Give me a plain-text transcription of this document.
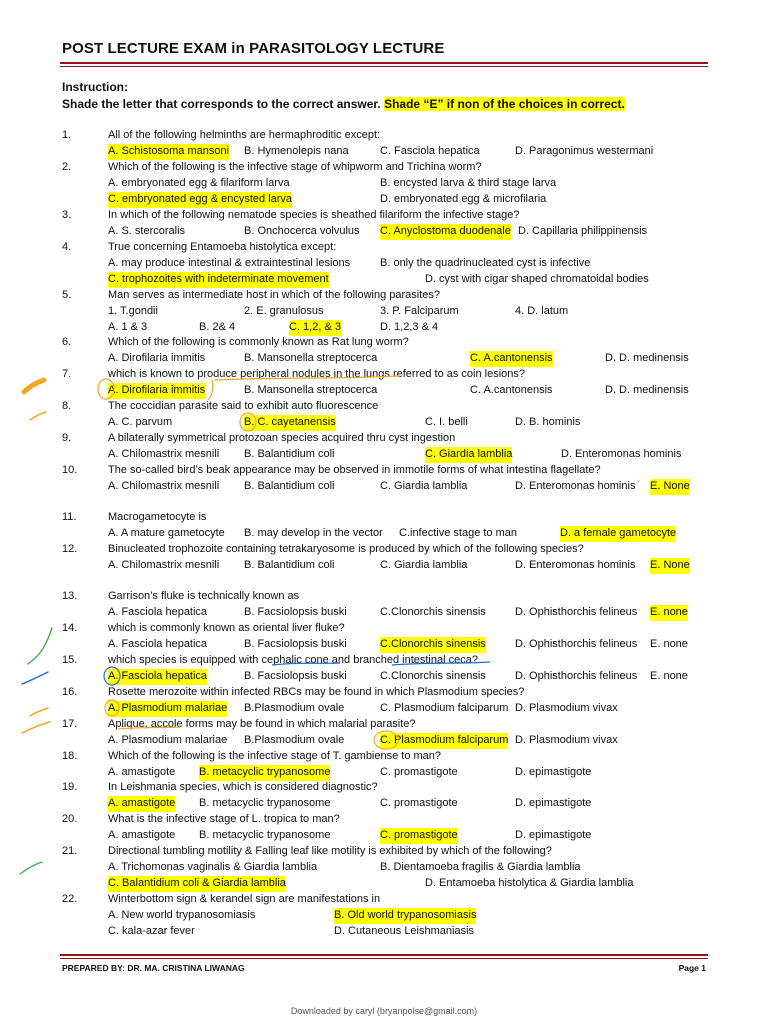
POST LECTURE EXAM in PARASITOLOGY LECTURE
Instruction:
Shade the letter that corresponds to the correct answer. Shade “E” if non of the choices in correct.
1.	All of the following helminths are hermaphroditic except:
A. Schistosoma mansoni B. Hymenolepis nana	C. Fasciola hepatica	D. Paragonimus westermani
2.	Which of the following is the infective stage of whipworm and Trichina worm?
A. embryonated egg & filariform larva	B. encysted larva & third stage larva
C. embryonated egg & encysted larva	D. embryonated egg & microfilaria
3.	In which of the following nematode species is sheathed filariform the infective stage?
A. S. stercoralis	B. Onchocerca volvulus C. Anyclostoma duodenale D. Capillaria philippinensis
4.	True concerning Entamoeba histolytica except:
A. may produce intestinal & extraintestinal lesions	B. only the quadrinucleated cyst is infective
C. trophozoites with indeterminate movement	D. cyst with cigar shaped chromatoidal bodies
5.	Man serves as intermediate host in which of the following parasites?
1. T.gondii	2. E. granulosus	3. P. Falciparum	4. D. latum
A. 1 & 3	B. 2& 4	C. 1,2, & 3	D. 1,2,3 & 4
6.	Which of the following is commonly known as Rat lung worm?
A. Dirofilaria immitis	B. Mansonella streptocerca	C. A.cantonensis	D. D. medinensis
7.	which is known to produce peripheral nodules in the lungs referred to as coin lesions?
A. Dirofilaria immitis	B. Mansonella streptocerca	C. A.cantonensis	D. D. medinensis
8.	The coccidian parasite said to exhibit auto fluorescence
A. C. parvum	B. C. cayetanensis	C. I. belli	D. B. hominis
9.	A bilaterally symmetrical protozoan species acquired thru cyst ingestion
A. Chilomastrix mesnili B. Balantidium coli	C. Giardia lamblia	D. Enteromonas hominis
10.	The so-called bird’s beak appearance may be observed in immotile forms of what intestina flagellate?
A. Chilomastrix mesnili B. Balantidium coli	C. Giardia lamblia	D. Enteromonas hominis E. None
11.	Macrogametocyte is
A. A mature gametocyte B. may develop in the vector C.infective stage to man	D. a female gametocyte
12.	Binucleated trophozoite containing tetrakaryosome is produced by which of the following species?
A. Chilomastrix mesnili B. Balantidium coli	C. Giardia lamblia	D. Enteromonas hominis E. None
13.	Garrison’s fluke is technically known as
A. Fasciola hepatica	B. Facsiolopsis buski	C.Clonorchis sinensis	D. Ophisthorchis felineus E. none
14.	which is commonly known as oriental liver fluke?
A. Fasciola hepatica	B. Facsiolopsis buski	C.Clonorchis sinensis	D. Ophisthorchis felineus E. none
15.	which species is equipped with cephalic cone and branched intestinal ceca?
A. Fasciola hepatica	B. Facsiolopsis buski	C.Clonorchis sinensis	D. Ophisthorchis felineus E. none
16.	Rosette merozoite within infected RBCs may be found in which Plasmodium species?
A. Plasmodium malariae B.Plasmodium ovale	C. Plasmodium falciparum D. Plasmodium vivax
17.	Aplique, accole forms may be found in which malarial parasite?
A. Plasmodium malariae B.Plasmodium ovale	C. Plasmodium falciparum D. Plasmodium vivax
18.	Which of the following is the infective stage of T. gambiense to man?
A. amastigote B. metacyclic trypanosome	C. promastigote	D. epimastigote
19.	In Leishmania species, which is considered diagnostic?
A. amastigote B. metacyclic trypanosome	C. promastigote	D. epimastigote
20.	What is the infective stage of L. tropica to man?
A. amastigote B. metacyclic trypanosome	C. promastigote	D. epimastigote
21.	Directional tumbling motility & Falling leaf like motility is exhibited by which of the following?
A. Trichomonas vaginalis & Giardia lamblia	B. Dientamoeba fragilis & Giardia lamblia
C. Balantidium coli & Giardia lamblia	D. Entamoeba histolytica & Giardia lamblia
22.	Winterbottom sign & kerandel sign are manifestations in
A. New world trypanosomiasis	B. Old world trypanosomiasis
C. kala-azar fever	D. Cutaneous Leishmaniasis
PREPARED BY: DR. MA. CRISTINA LIWANAG	Page 1
Downloaded by caryl (bryanpolse@gmail.com)
